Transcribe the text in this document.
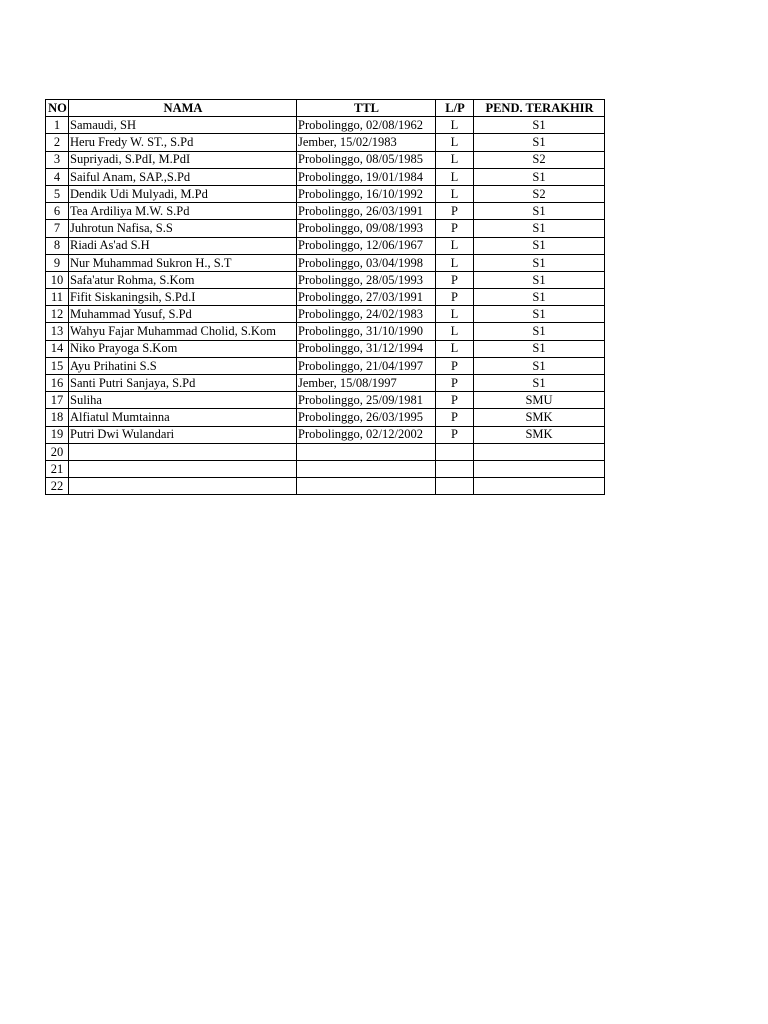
NO	NAMA	TTL	L/P	PEND. TERAKHIR
1	Samaudi, SH	Probolinggo, 02/08/1962	L	S1
2	Heru Fredy W. ST., S.Pd	Jember, 15/02/1983	L	S1
3	Supriyadi, S.PdI, M.PdI	Probolinggo, 08/05/1985	L	S2
4	Saiful Anam, SAP.,S.Pd	Probolinggo, 19/01/1984	L	S1
5	Dendik Udi Mulyadi, M.Pd	Probolinggo, 16/10/1992	L	S2
6	Tea Ardiliya M.W. S.Pd	Probolinggo, 26/03/1991	P	S1
7	Juhrotun Nafisa, S.S	Probolinggo, 09/08/1993	P	S1
8	Riadi As'ad S.H	Probolinggo, 12/06/1967	L	S1
9	Nur Muhammad Sukron H., S.T	Probolinggo, 03/04/1998	L	S1
10	Safa'atur Rohma, S.Kom	Probolinggo, 28/05/1993	P	S1
11	Fifit Siskaningsih, S.Pd.I	Probolinggo, 27/03/1991	P	S1
12	Muhammad Yusuf, S.Pd	Probolinggo, 24/02/1983	L	S1
13	Wahyu Fajar Muhammad Cholid, S.Kom	Probolinggo, 31/10/1990	L	S1
14	Niko Prayoga S.Kom	Probolinggo, 31/12/1994	L	S1
15	Ayu Prihatini S.S	Probolinggo, 21/04/1997	P	S1
16	Santi Putri Sanjaya, S.Pd	Jember, 15/08/1997	P	S1
17	Suliha	Probolinggo, 25/09/1981	P	SMU
18	Alfiatul Mumtainna	Probolinggo, 26/03/1995	P	SMK
19	Putri Dwi Wulandari	Probolinggo, 02/12/2002	P	SMK
20				
21				
22				
